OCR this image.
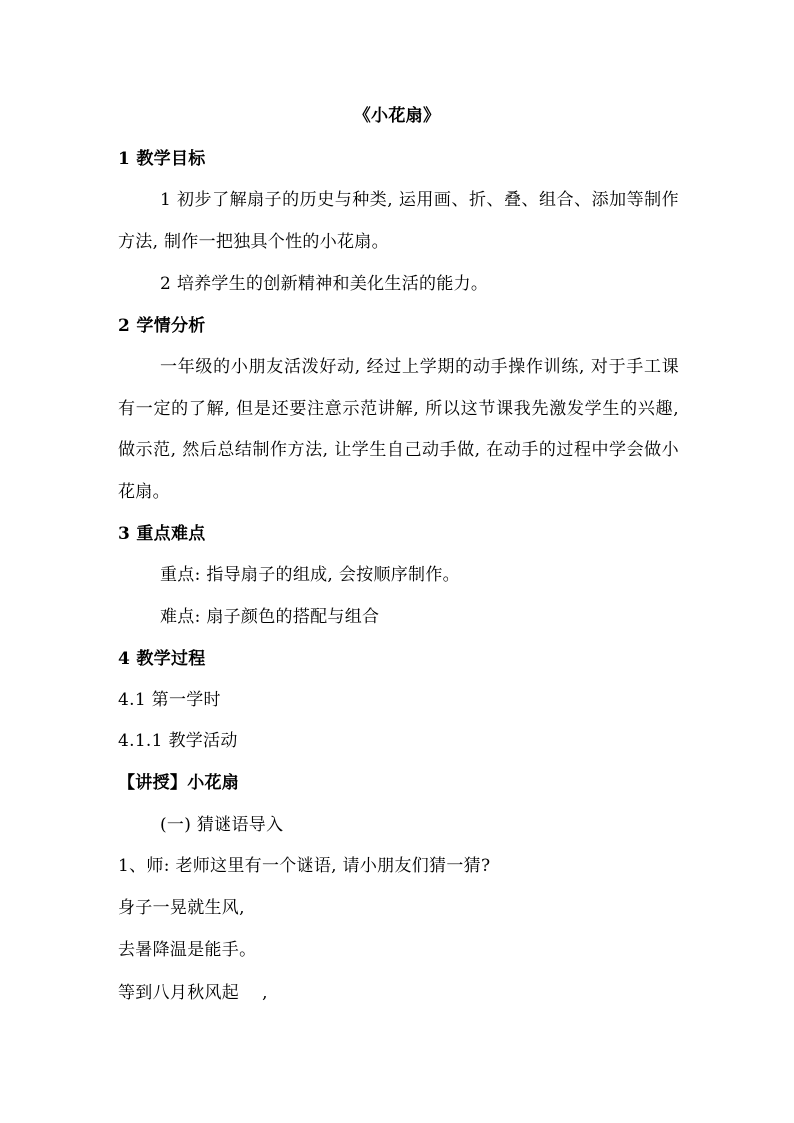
《小花扇》
1 教学目标
1 初步了解扇子的历史与种类, 运用画、折、叠、组合、添加等制作方法, 制作一把独具个性的小花扇。
2 培养学生的创新精神和美化生活的能力。
2 学情分析
一年级的小朋友活泼好动, 经过上学期的动手操作训练, 对于手工课有一定的了解, 但是还要注意示范讲解, 所以这节课我先激发学生的兴趣, 做示范, 然后总结制作方法, 让学生自己动手做, 在动手的过程中学会做小花扇。
3 重点难点
重点: 指导扇子的组成, 会按顺序制作。
难点: 扇子颜色的搭配与组合
4 教学过程
4.1 第一学时
4.1.1 教学活动
【讲授】小花扇
(一) 猜谜语导入
1、师: 老师这里有一个谜语, 请小朋友们猜一猜?
身子一晃就生风,
去暑降温是能手。
等到八月秋风起 　,
